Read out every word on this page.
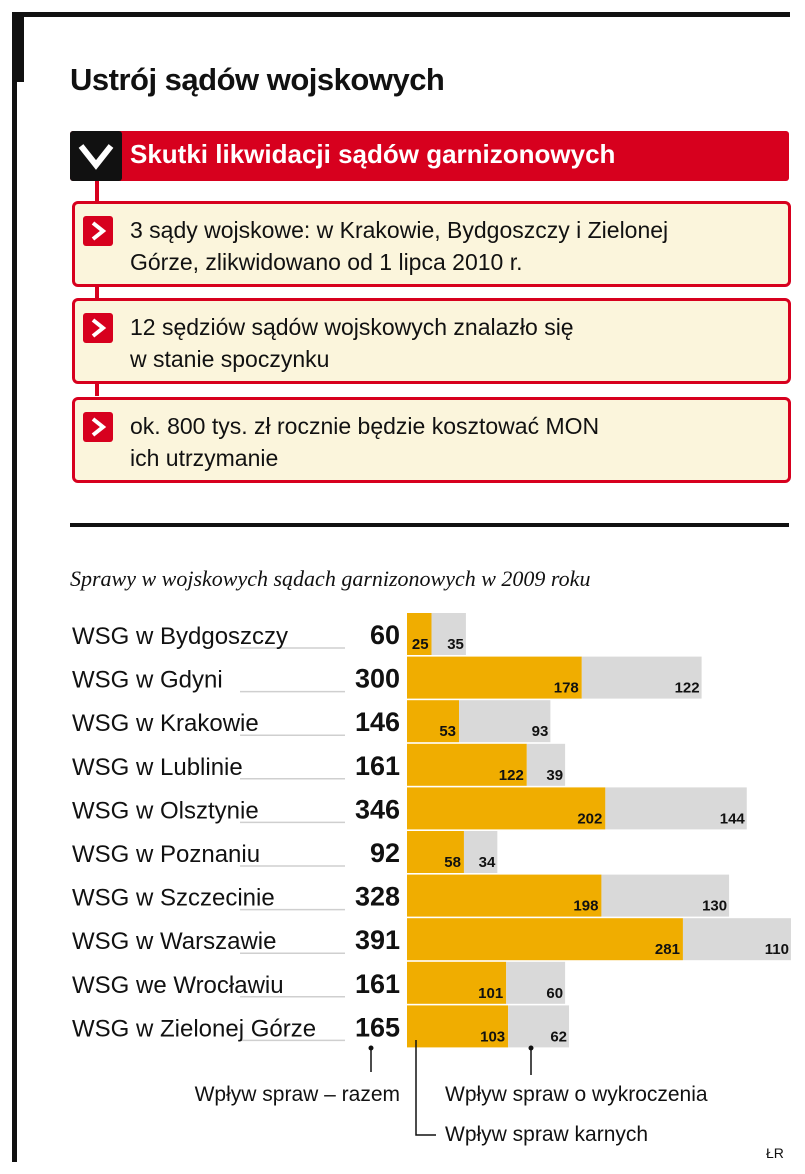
Ustrój sądów wojskowych
Skutki likwidacji sądów garnizonowych
3 sądy wojskowe: w Krakowie, Bydgoszczy i Zielonej
Górze, zlikwidowano od 1 lipca 2010 r.
12 sędziów sądów wojskowych znalazło się
w stanie spoczynku
ok. 800 tys. zł rocznie będzie kosztować MON
ich utrzymanie
Sprawy w wojskowych sądach garnizonowych w 2009 roku
WSG w Bydgoszczy	60 25 35
WSG w Gdyni	300	178	122
WSG w Krakowie	146	53	93
WSG w Lublinie	161	122 39
WSG w Olsztynie	346	202	144
WSG w Poznaniu	92	58 34
WSG w Szczecinie	328	198	130
WSG w Warszawie	391	281	110
WSG we Wrocławiu	161	101	60
WSG w Zielonej Górze 165	103	62
Wpływ spraw – razem Wpływ spraw o wykroczenia
Wpływ spraw karnych
ŁR
